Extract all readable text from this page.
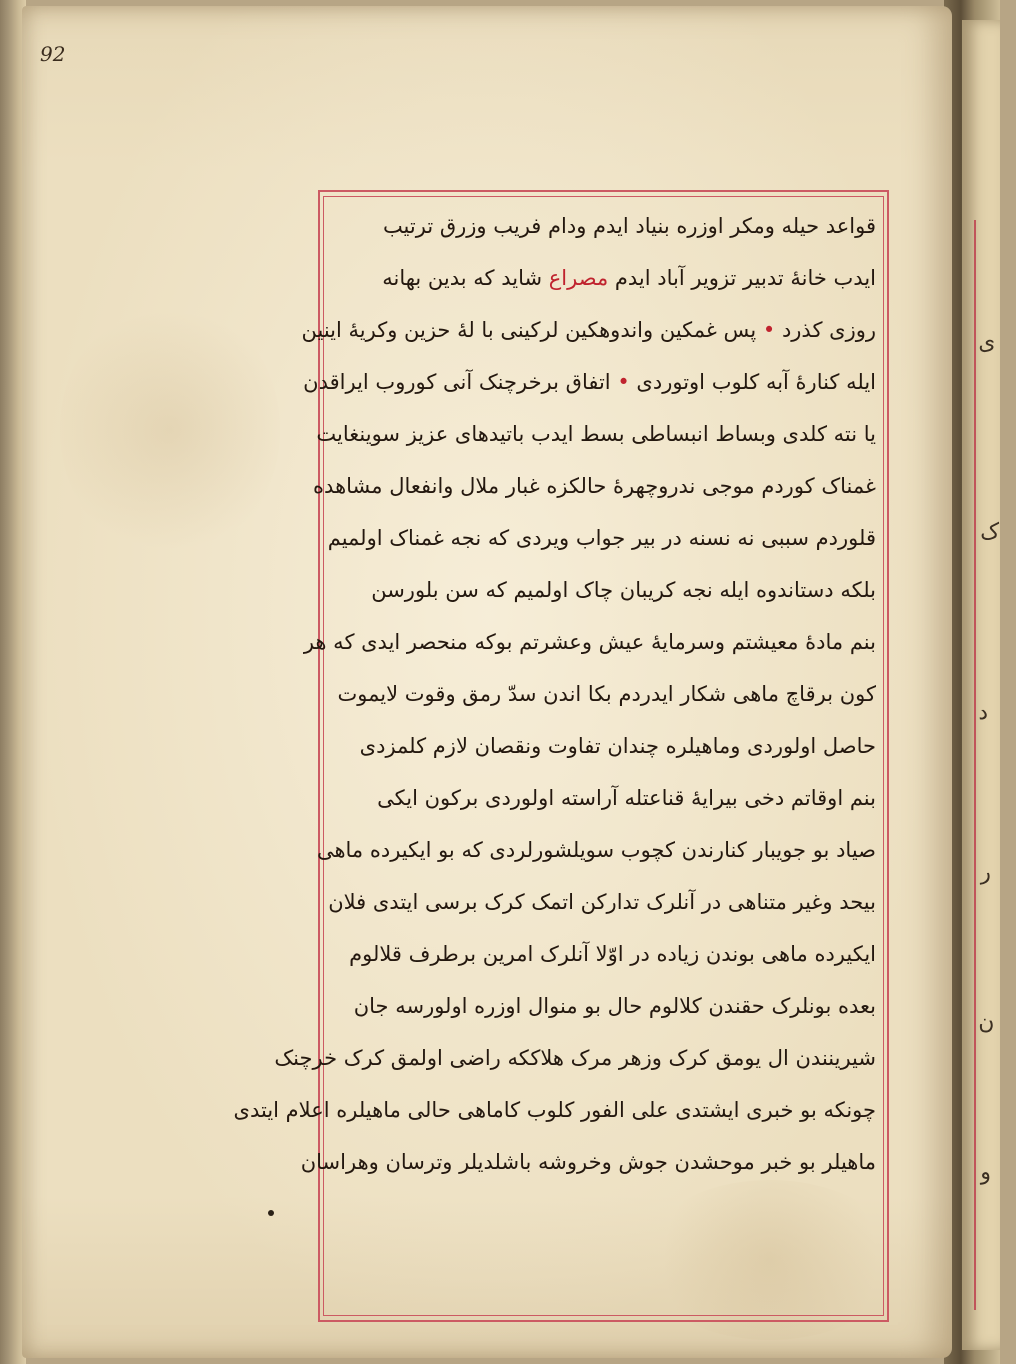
92
قواعد حیله ومکر اوزره بنیاد ایدم ودام فریب وزرق ترتیب
ایدب خانهٔ تدبیر تزویر آباد ایدم مصراع شاید که بدین بهانه
روزی کذرد • پس غمکین واندوهکین لرکینی با لهٔ حزین وکریهٔ اینین
ایله کنارهٔ آبه کلوب اوتوردی • اتفاق برخرچنک آنی کوروب ایراقدن
یا نته کلدی وبساط انبساطی بسط ایدب باتیدهای عزیز سوینغایت
غمناک کوردم موجی ندروچهرهٔ حالکزه غبار ملال وانفعال مشاهده
قلوردم سببی نه نسنه در بیر جواب ویردی که نجه غمناک اولمیم
بلکه دستاندوه ایله نجه کریبان چاک اولمیم که سن بلورسن
بنم مادهٔ معیشتم وسرمایهٔ عیش وعشرتم بوکه منحصر ایدی که هر
کون برقاچ ماهی شکار ایدردم بکا اندن سدّ رمق وقوت لایموت
حاصل اولوردی وماهیلره چندان تفاوت ونقصان لازم کلمزدی
بنم اوقاتم دخی بیرایهٔ قناعتله آراسته اولوردی برکون ایکی
صیاد بو جویبار کنارندن کچوب سویلشورلردی که بو ایکیرده ماهی
بیحد وغیر متناهی در آنلرک تدارکن اتمک کرک برسی ایتدی فلان
ایکیرده ماهی بوندن زیاده در اوّلا آنلرک امرین برطرف قلالوم
بعده بونلرک حقندن کلالوم حال بو منوال اوزره اولورسه جان
شیرینندن ال یومق کرک وزهر مرک هلاککه راضی اولمق کرک خرچنک
چونکه بو خبری ایشتدی علی الفور کلوب کاماهی حالی ماهیلره اعلام ایتدی
ماهیلر بو خبر موحشدن جوش وخروشه باشلدیلر وترسان وهراسان
ی
ک
د
ر
ن
و
